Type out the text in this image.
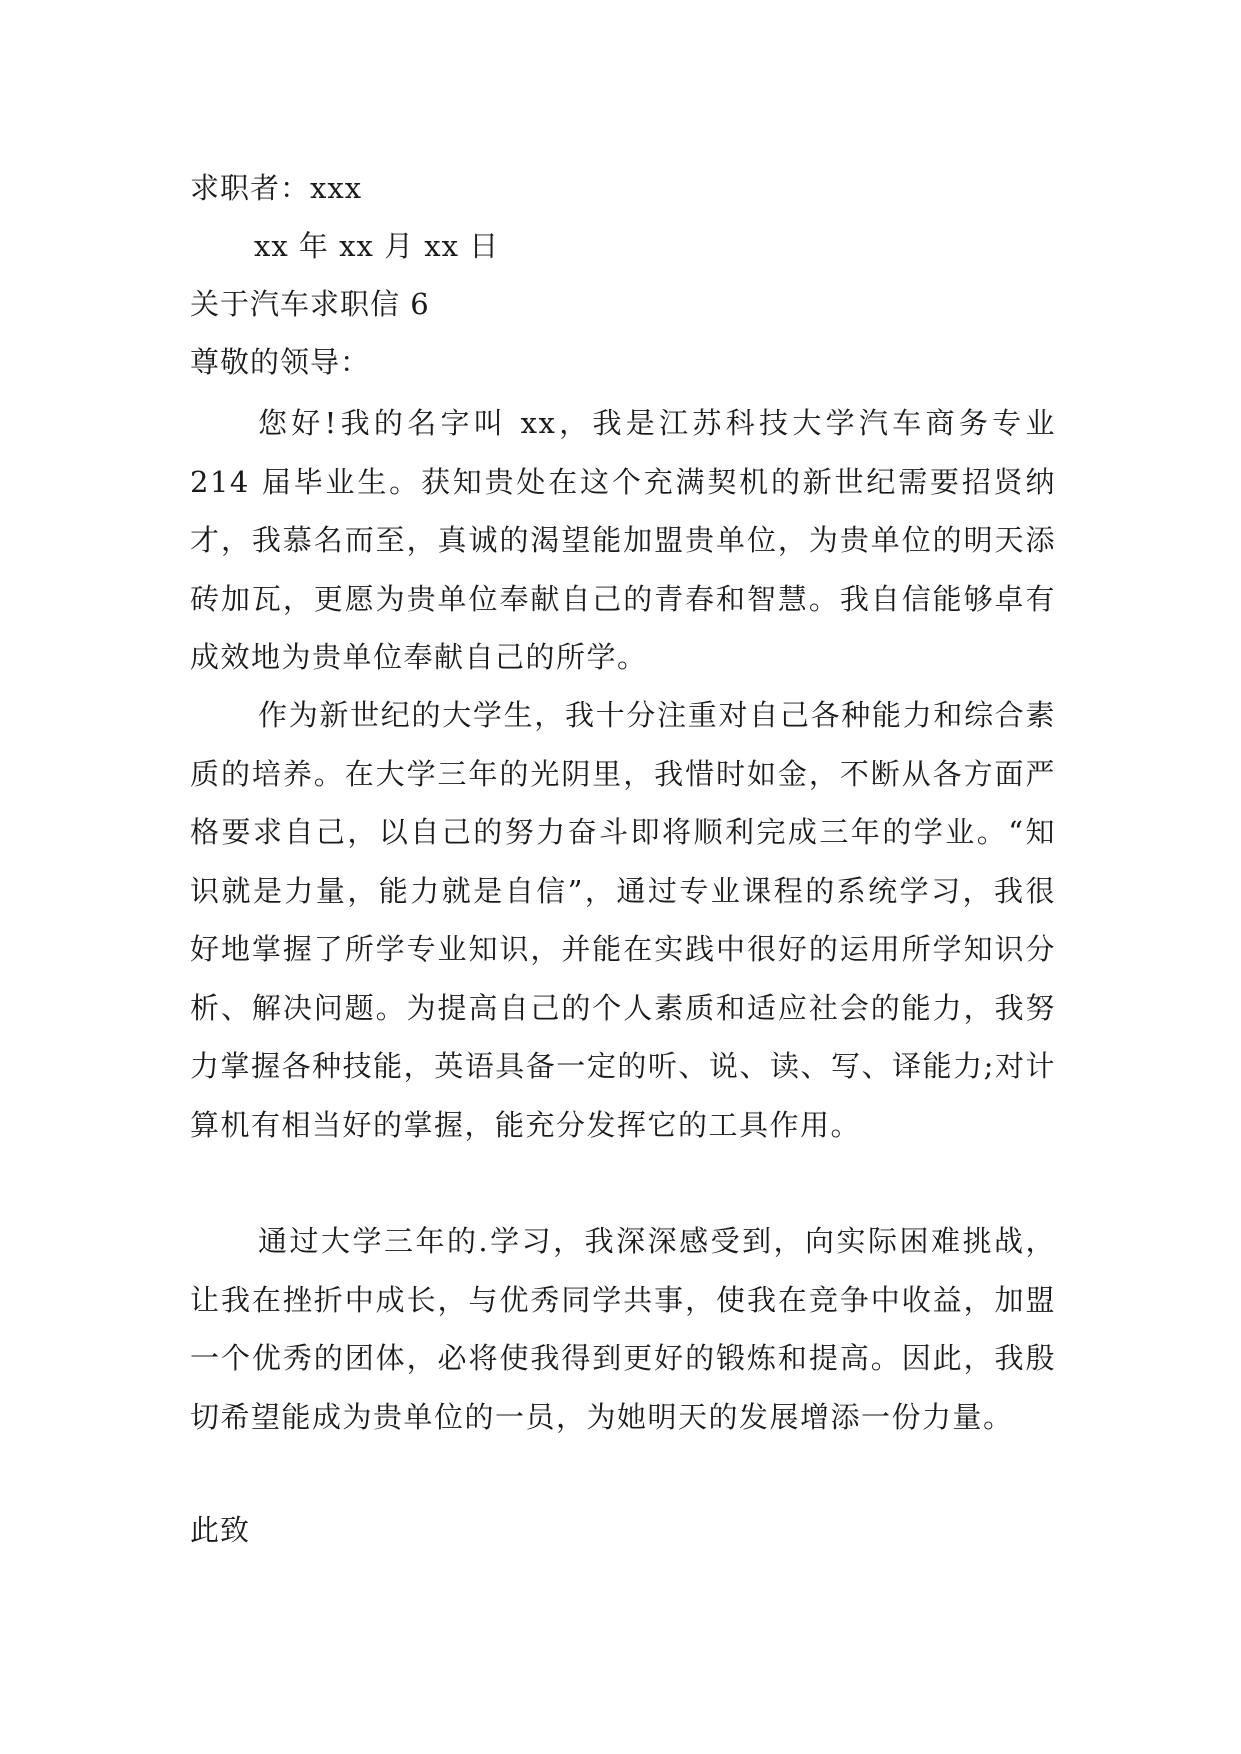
求职者：xxx
xx 年 xx 月 xx 日
关于汽车求职信 6
尊敬的领导：

您好!我的名字叫 xx，我是江苏科技大学汽车商务专业 214 届毕业生。获知贵处在这个充满契机的新世纪需要招贤纳才，我慕名而至，真诚的渴望能加盟贵单位，为贵单位的明天添砖加瓦，更愿为贵单位奉献自己的青春和智慧。我自信能够卓有成效地为贵单位奉献自己的所学。

作为新世纪的大学生，我十分注重对自己各种能力和综合素质的培养。在大学三年的光阴里，我惜时如金，不断从各方面严格要求自己，以自己的努力奋斗即将顺利完成三年的学业。“知识就是力量，能力就是自信”，通过专业课程的系统学习，我很好地掌握了所学专业知识，并能在实践中很好的运用所学知识分析、解决问题。为提高自己的个人素质和适应社会的能力，我努力掌握各种技能，英语具备一定的听、说、读、写、译能力;对计算机有相当好的掌握，能充分发挥它的工具作用。

通过大学三年的.学习，我深深感受到，向实际困难挑战，让我在挫折中成长，与优秀同学共事，使我在竞争中收益，加盟一个优秀的团体，必将使我得到更好的锻炼和提高。因此，我殷切希望能成为贵单位的一员，为她明天的发展增添一份力量。

此致
